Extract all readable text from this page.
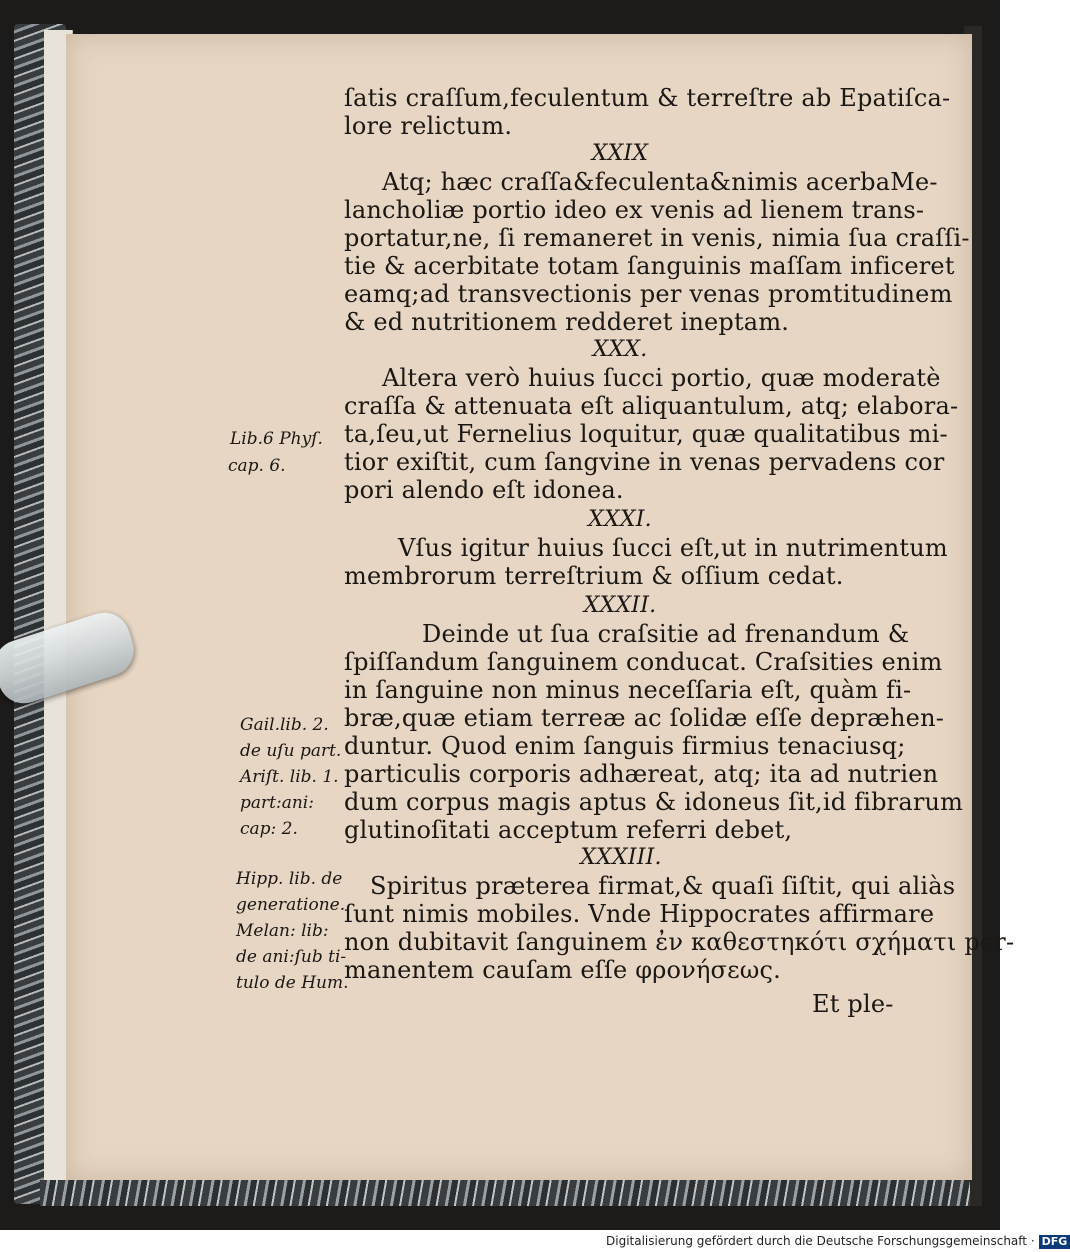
ſatis craſſum,feculentum & terreſtre ab Epatiſca-
lore relictum.
XXIX
Atq; hæc craſſa&feculenta&nimis acerbaMe-
lancholiæ portio ideo ex venis ad lienem trans-
portatur,ne, ſi remaneret in venis, nimia ſua craſſi-
tie & acerbitate totam ſanguinis maſſam inficeret
eamq;ad transvectionis per venas promtitudinem
& ed nutritionem redderet ineptam.
XXX.
Altera verò huius ſucci portio, quæ moderatè
craſſa & attenuata eſt aliquantulum, atq; elabora-
ta,ſeu,ut Fernelius loquitur, quæ qualitatibus mi-
tior exiſtit, cum ſangvine in venas pervadens cor
pori alendo eſt idonea.
XXXI.
Vſus igitur huius ſucci eſt,ut in nutrimentum
membrorum terreſtrium & oſſium cedat.
XXXII.
Deinde ut ſua craſsitie ad frenandum &
ſpiſſandum ſanguinem conducat. Craſsities enim
in ſanguine non minus neceſſaria eſt, quàm fi-
bræ,quæ etiam terreæ ac ſolidæ eſſe depræhen-
duntur. Quod enim ſanguis firmius tenaciusq;
particulis corporis adhæreat, atq; ita ad nutrien
dum corpus magis aptus & idoneus ſit,id fibrarum
glutinoſitati acceptum referri debet,
XXXIII.
Spiritus præterea firmat,& quaſi ſiſtit, qui aliàs
ſunt nimis mobiles. Vnde Hippocrates affirmare
non dubitavit ſanguinem ἐν καθεστηκότι σχήματι per-
manentem cauſam eſſe φρονήσεως.
Et ple-
Lib.6 Phyſ.
cap. 6.
Gail.lib. 2.
de uſu part.
Ariſt. lib. 1.
part:ani:
cap: 2.
Hipp. lib. de
generatione.
Melan: lib:
de ani:ſub ti-
tulo de Hum.
Digitalisierung gefördert durch die Deutsche Forschungsgemeinschaft · DFG
